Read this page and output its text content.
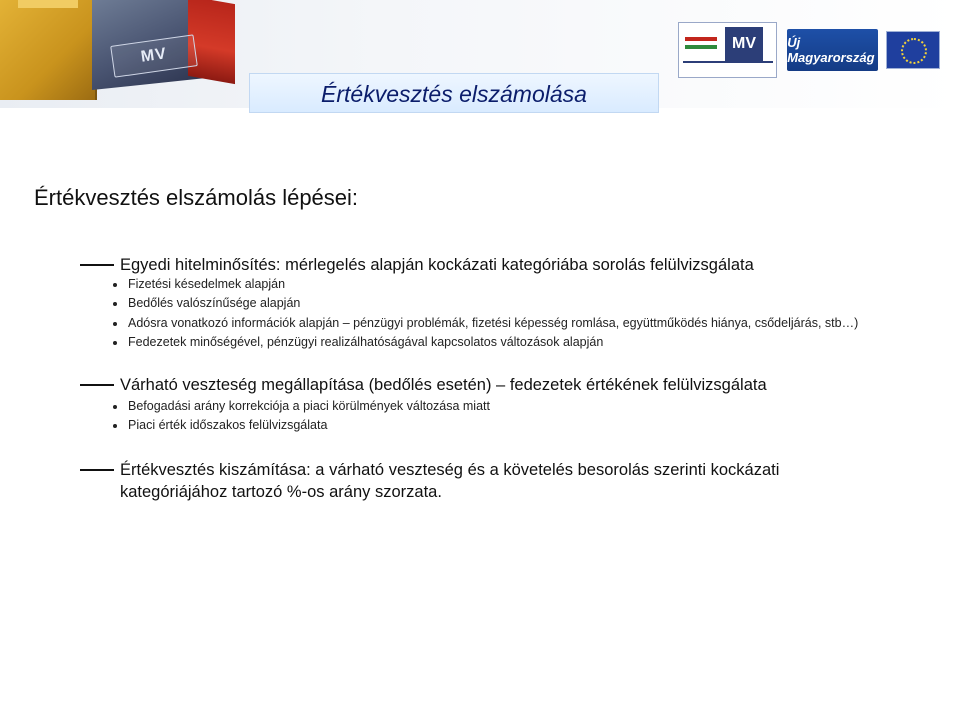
MV
MV	Új Magyarország
Értékvesztés elszámolása
Értékvesztés elszámolás lépései:
Egyedi hitelminősítés: mérlegelés alapján kockázati kategóriába sorolás felülvizsgálata
Fizetési késedelmek alapján
Bedőlés valószínűsége alapján
Adósra vonatkozó információk alapján – pénzügyi problémák, fizetési képesség romlása, együttműködés hiánya, csődeljárás, stb…)
Fedezetek minőségével, pénzügyi realizálhatóságával kapcsolatos változások alapján
Várható veszteség megállapítása (bedőlés esetén) – fedezetek értékének felülvizsgálata
Befogadási arány korrekciója a piaci körülmények változása miatt
Piaci érték időszakos felülvizsgálata
Értékvesztés kiszámítása: a várható veszteség és a követelés besorolás szerinti kockázati
kategóriájához tartozó %-os arány szorzata.
